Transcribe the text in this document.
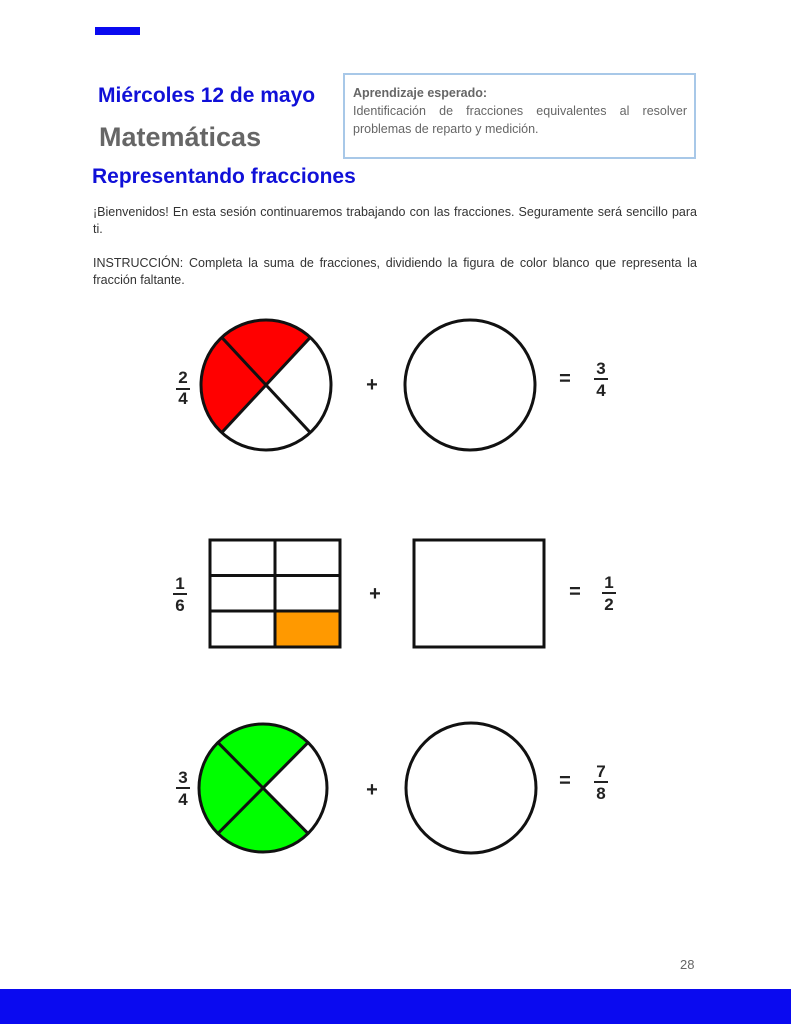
Miércoles 12 de mayo
Matemáticas
Aprendizaje esperado:
Identificación de fracciones equivalentes al resolver problemas de reparto y medición.
Representando fracciones
¡Bienvenidos! En esta sesión continuaremos trabajando con las fracciones. Seguramente será sencillo para ti.
INSTRUCCIÓN: Completa la suma de fracciones, dividiendo la figura de color blanco que representa la fracción faltante.
2
4
+	= 3
4
1
6
+	= 1
2
3
4	+	= 7
8
28
